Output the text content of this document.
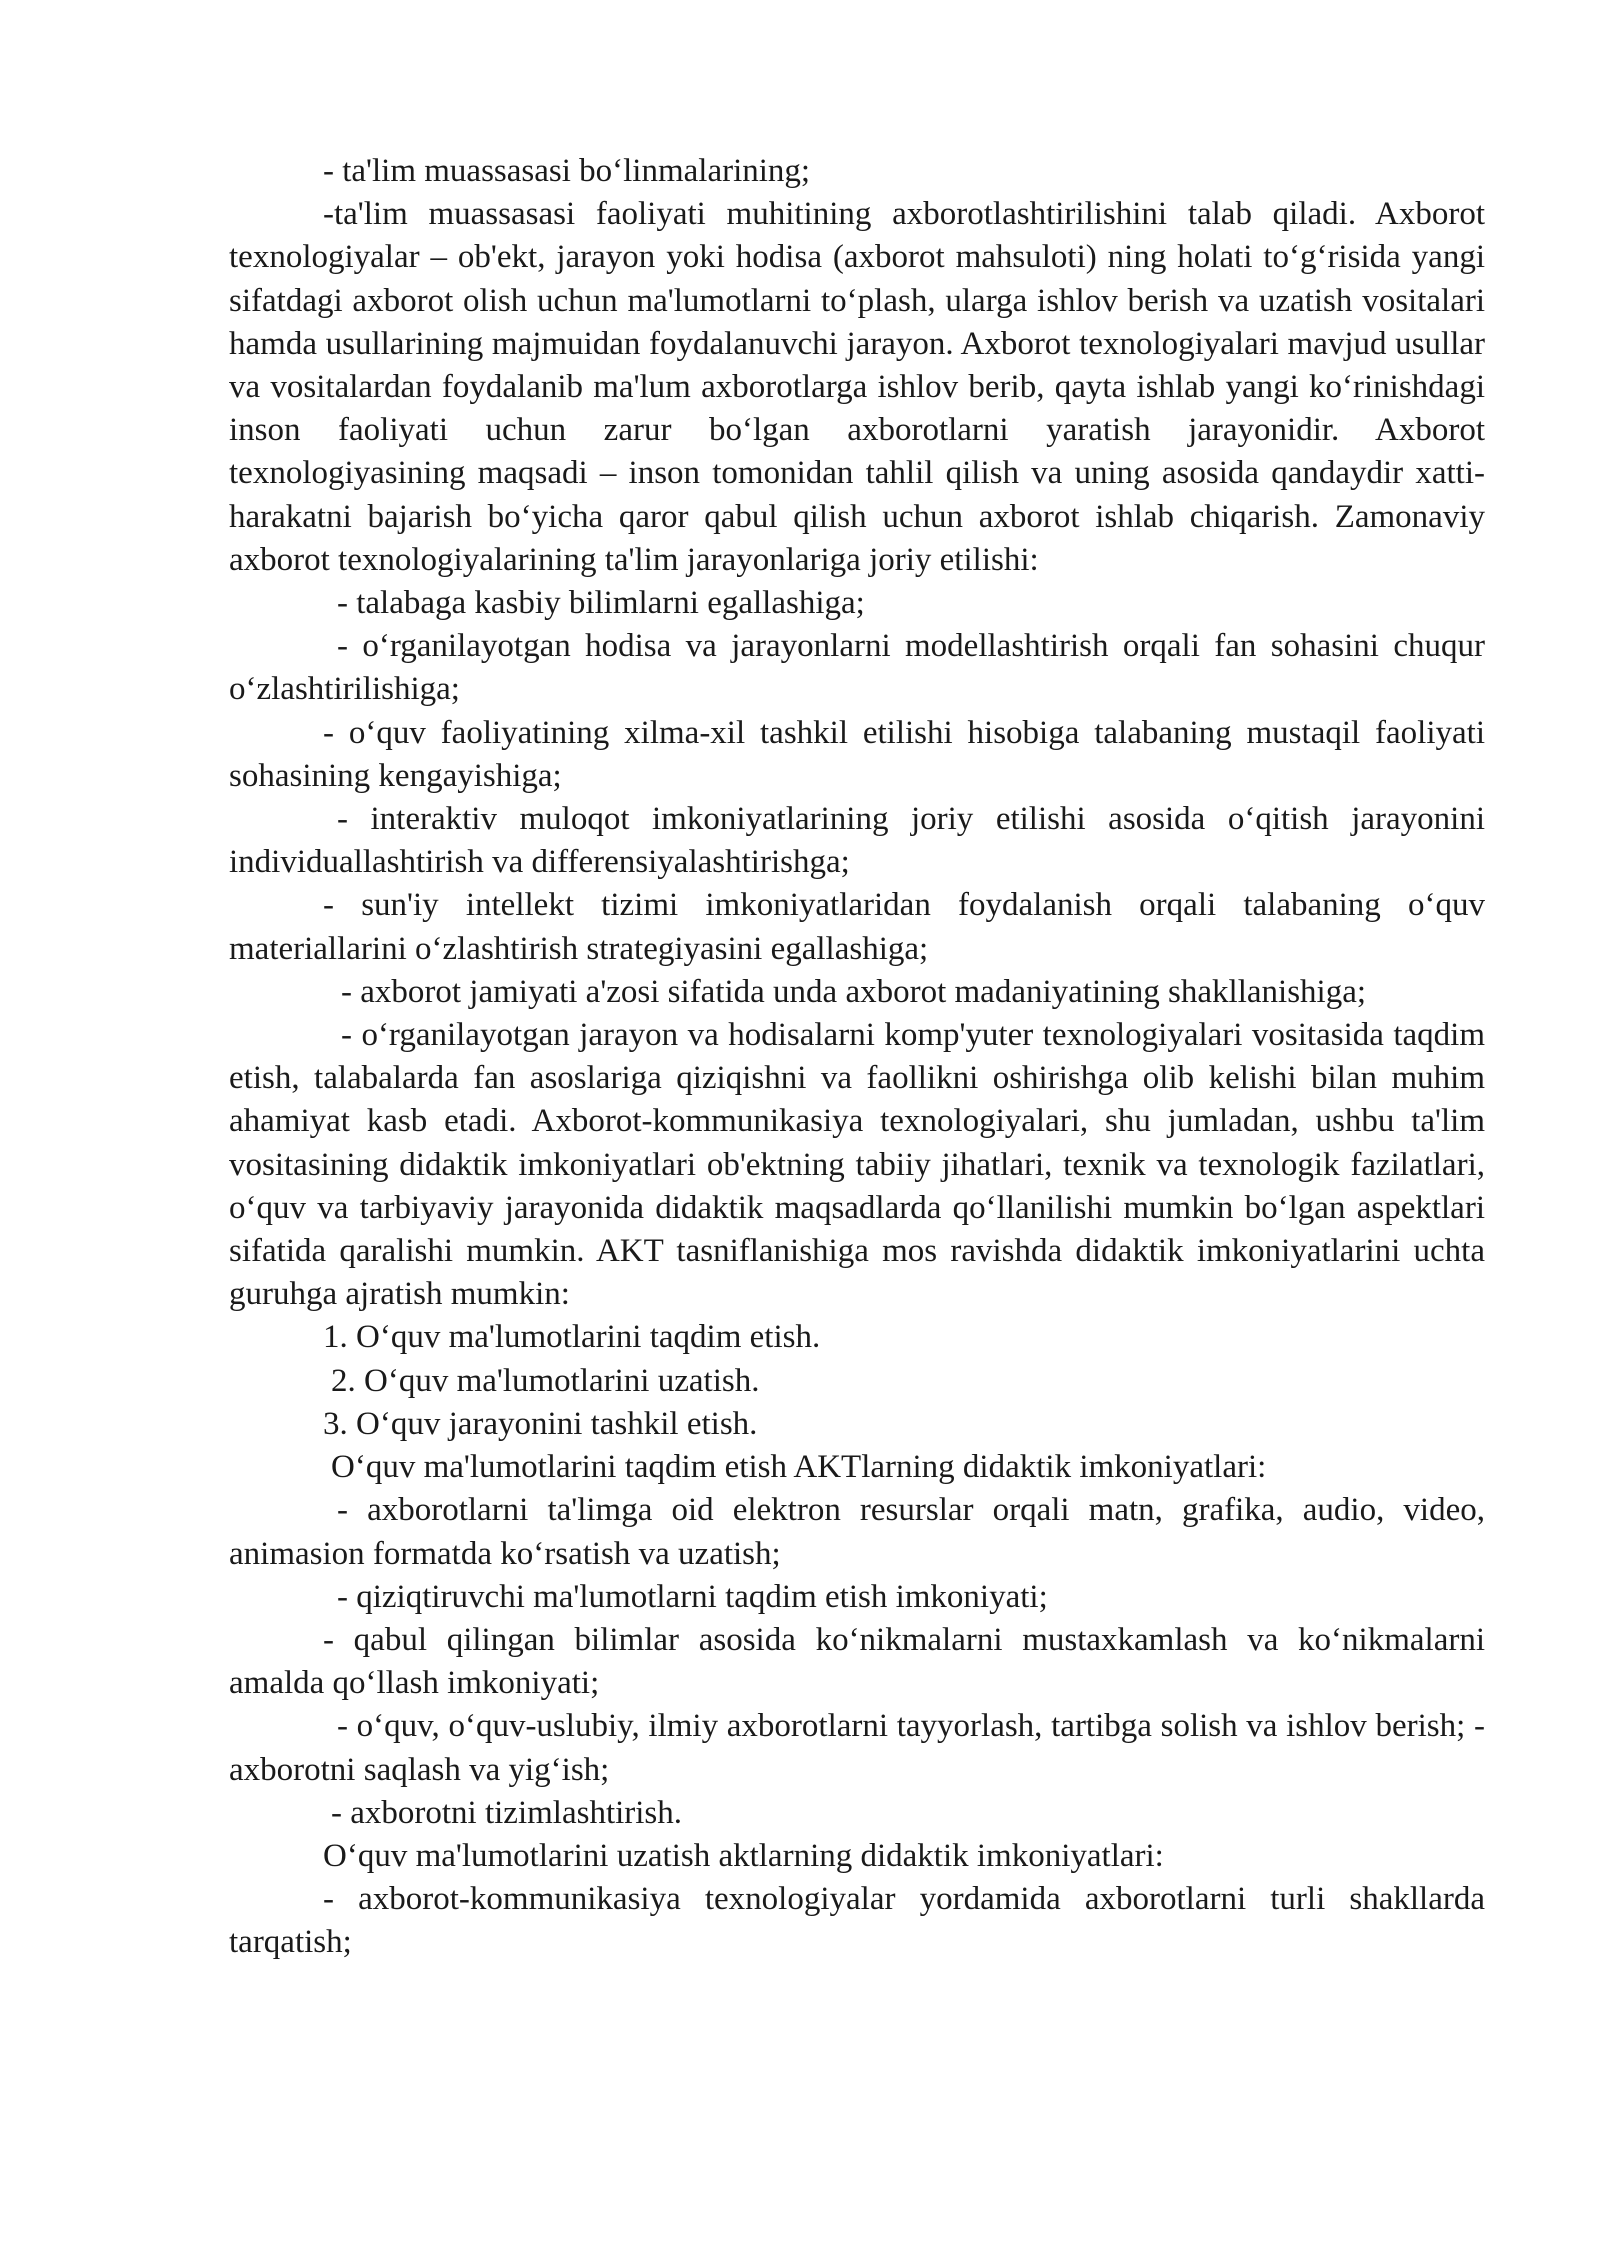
- ta'lim muassasasi bo‘linmalarining;

-ta'lim muassasasi faoliyati muhitining axborotlashtirilishini talab qiladi. Axborot texnologiyalar – ob'ekt, jarayon yoki hodisa (axborot mahsuloti) ning holati to‘g‘risida yangi sifatdagi axborot olish uchun ma'lumotlarni to‘plash, ularga ishlov berish va uzatish vositalari hamda usullarining majmuidan foydalanuvchi jarayon. Axborot texnologiyalari mavjud usullar va vositalardan foydalanib ma'lum axborotlarga ishlov berib, qayta ishlab yangi ko‘rinishdagi inson faoliyati uchun zarur bo‘lgan axborotlarni yaratish jarayonidir. Axborot texnologiyasining maqsadi – inson tomonidan tahlil qilish va uning asosida qandaydir xatti-harakatni bajarish bo‘yicha qaror qabul qilish uchun axborot ishlab chiqarish. Zamonaviy axborot texnologiyalarining ta'lim jarayonlariga joriy etilishi:

- talabaga kasbiy bilimlarni egallashiga;

- o‘rganilayotgan hodisa va jarayonlarni modellashtirish orqali fan sohasini chuqur o‘zlashtirilishiga;

- o‘quv faoliyatining xilma-xil tashkil etilishi hisobiga talabaning mustaqil faoliyati sohasining kengayishiga;

- interaktiv muloqot imkoniyatlarining joriy etilishi asosida o‘qitish jarayonini individuallashtirish va differensiyalashtirishga;

- sun'iy intellekt tizimi imkoniyatlaridan foydalanish orqali talabaning o‘quv materiallarini o‘zlashtirish strategiyasini egallashiga;

- axborot jamiyati a'zosi sifatida unda axborot madaniyatining shakllanishiga;

- o‘rganilayotgan jarayon va hodisalarni komp'yuter texnologiyalari vositasida taqdim etish, talabalarda fan asoslariga qiziqishni va faollikni oshirishga olib kelishi bilan muhim ahamiyat kasb etadi. Axborot-kommunikasiya texnologiyalari, shu jumladan, ushbu ta'lim vositasining didaktik imkoniyatlari ob'ektning tabiiy jihatlari, texnik va texnologik fazilatlari, o‘quv va tarbiyaviy jarayonida didaktik maqsadlarda qo‘llanilishi mumkin bo‘lgan aspektlari sifatida qaralishi mumkin. AKT tasniflanishiga mos ravishda didaktik imkoniyatlarini uchta guruhga ajratish mumkin:

1. O‘quv ma'lumotlarini taqdim etish.

2. O‘quv ma'lumotlarini uzatish.

3. O‘quv jarayonini tashkil etish.

O‘quv ma'lumotlarini taqdim etish AKTlarning didaktik imkoniyatlari:

- axborotlarni ta'limga oid elektron resurslar orqali matn, grafika, audio, video, animasion formatda ko‘rsatish va uzatish;

- qiziqtiruvchi ma'lumotlarni taqdim etish imkoniyati;

- qabul qilingan bilimlar asosida ko‘nikmalarni mustaxkamlash va ko‘nikmalarni amalda qo‘llash imkoniyati;

- o‘quv, o‘quv-uslubiy, ilmiy axborotlarni tayyorlash, tartibga solish va ishlov berish; - axborotni saqlash va yig‘ish;

- axborotni tizimlashtirish.

O‘quv ma'lumotlarini uzatish aktlarning didaktik imkoniyatlari:

- axborot-kommunikasiya texnologiyalar yordamida axborotlarni turli shakllarda tarqatish;
